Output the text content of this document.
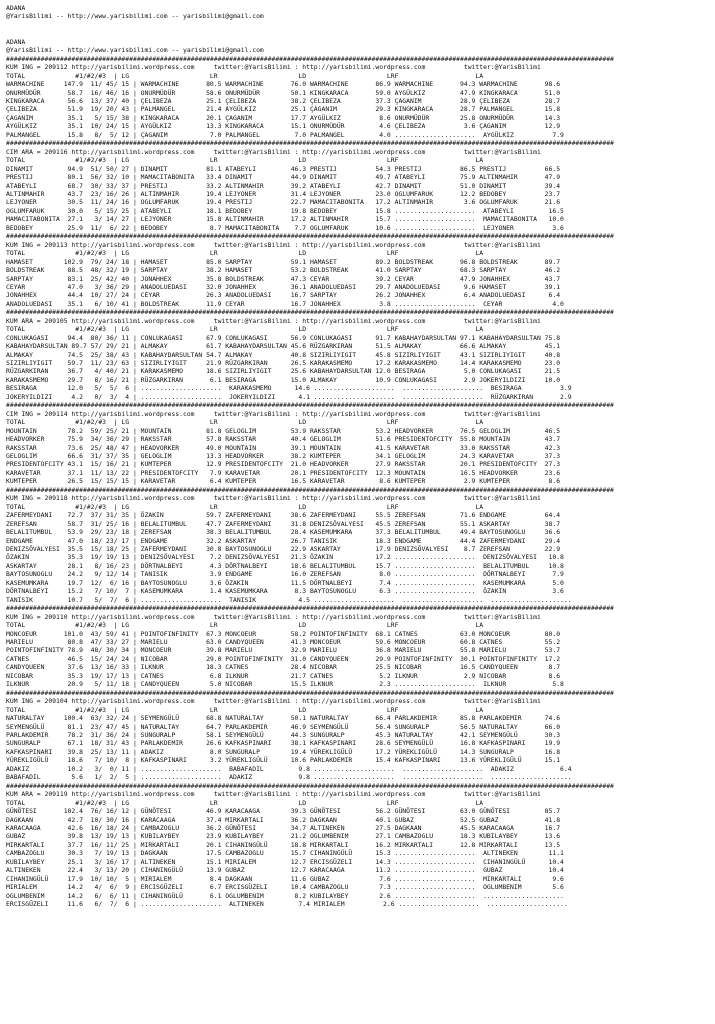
ADANA
@YarisBilimi -- http://www.yarisbilimi.com -- yarisbilimi@gmail.com

ADANA
@YarisBilimi -- http://www.yarisbilimi.com -- yarisbilimi@gmail.com
##############################################################################################################################################################
KUM ING = 209112 http://yarisbilimi.wordpress.com     twitter:@YarisBilimi : http://yarisbilimi.wordpress.com          twitter:@YarisBilimi
TOTAL             #1/#2/#3  | LG                     LR                     LD                     LRF                    LA
WARMACHINE     147.9  11/ 45/ 15 | WARMACHINE       80.5 WARMACHINE       76.0 WARMACHINE       86.9 WARMACHINE       94.3 WARMACHINE       98.6
ONURMÜDÜR       58.7  16/ 46/ 16 | ONURMÜDÜR        58.6 ONURMÜDÜR        50.1 KINGKARACA       59.0 AYGÜLKIZ         47.9 KINGKARACA       51.0
KINGKARACA      56.6  13/ 37/ 40 | ÇELIBEZA         25.1 ÇELIBEZA         38.2 ÇELIBEZA         37.3 ÇAGANIM          28.9 ÇELIBEZA         28.7
ÇELIBEZA        51.9  19/ 20/ 43 | PALMANGEL        21.4 AYGÜLKIZ         25.1 ÇAGANIM          29.3 KINGKARACA       28.7 PALMANGEL        15.8
ÇAGANIM         35.1   5/ 15/ 38 | KINGKARACA       20.1 ÇAGANIM          17.7 AYGÜLKIZ          8.6 ONURMÜDÜR        25.8 ONURMÜDÜR        14.3
AYGÜLKIZ        35.1  10/ 24/ 15 | AYGÜLKIZ         13.3 KINGKARACA       15.1 ONURMÜDÜR         4.6 ÇELIBEZA          3.6 ÇAGANIM          12.9
PALMANGEL       15.8   8/  5/ 12 | ÇAGANIM           7.0 PALMANGEL         7.0 PALMANGEL         4.0 .....................  AYGÜLKIZ          7.9
##############################################################################################################################################################
CIM ARA = 209116 http://yarisbilimi.wordpress.com     twitter:@YarisBilimi : http://yarisbilimi.wordpress.com          twitter:@YarisBilimi
TOTAL             #1/#2/#3  | LG                     LR                     LD                     LRF                    LA
DINAMIT         94.9  51/ 50/ 27 | DINAMIT          81.1 ATABEYLI         46.3 PRESTIJ          54.3 PRESTIJ          86.5 PRESTIJ          66.5
PRESTIJ         80.1  56/ 32/ 10 | MAMACITABONITA   33.4 DINAMIT          44.9 DINAMIT          49.7 ATABEYLI         75.9 ALTINMAHIR       47.9
ATABEYLI        68.7  30/ 33/ 37 | PRESTIJ          33.2 ALTINMAHIR       39.2 ATABEYLI         42.7 DINAMIT          51.0 DINAMIT          39.4
ALTINMAHIR      43.7  23/ 16/ 26 | ALTINMAHIR       19.4 LEJYONER         31.4 LEJYONER         23.0 OGLUMFARUK       12.2 BEDOBEY          23.7
LEJYONER        30.5  11/ 24/ 16 | OGLUMFARUK       19.4 PRESTIJ          22.7 MAMACITABONITA   17.2 ALTINMAHIR        3.6 OGLUMFARUK       21.6
OGLUMFARUK      30.0   5/ 15/ 25 | ATABEYLI         18.1 BEDOBEY          19.8 BEDOBEY          15.8 .....................  ATABEYLI         16.5
MAMACITABONITA  27.1   3/ 14/ 27 | LEJYONER         15.8 ALTINMAHIR       17.2 ALTINMAHIR       15.7 .....................  MAMACITABONITA   10.0
BEDOBEY         25.9  11/  6/ 22 | BEDOBEY           8.7 MAMACITABONITA    7.7 OGLUMFARUK       10.6 .....................  LEJYONER          3.6
##############################################################################################################################################################
KUM ING = 209113 http://yarisbilimi.wordpress.com     twitter:@YarisBilimi : http://yarisbilimi.wordpress.com          twitter:@YarisBilimi
TOTAL             #1/#2/#3  | LG                     LR                     LD                     LRF                    LA
HAMASET        102.9  79/ 24/ 18 | HAMASET          85.0 SARPTAY          59.1 HAMASET          89.2 BOLDSTREAK       96.8 BOLDSTREAK       89.7
BOLDSTREAK      88.5  48/ 32/ 19 | SARPTAY          38.2 HAMASET          53.2 BOLDSTREAK       41.0 SARPTAY          68.3 SARPTAY          46.2
SARPTAY         83.1  25/ 42/ 40 | JONAHHEX         35.8 BOLDSTREAK       47.3 CEYAR            39.2 CEYAR            47.9 JONAHHEX         43.7
CEYAR           47.0   3/ 36/ 29 | ANADOLUEDASI     32.0 JONAHHEX         36.1 ANADOLUEDASI     29.7 ANADOLUEDASI      9.6 HAMASET          39.1
JONAHHEX        44.4  10/ 27/ 24 | CEYAR            26.3 ANADOLUEDASI     16.7 SARPTAY          26.2 JONAHHEX          6.4 ANADOLUEDASI      6.4
ANADOLUEDASI    35.1   6/ 10/ 41 | BOLDSTREAK       11.9 CEYAR            16.7 JONAHHEX          3.8 .....................  CEYAR             4.0
##############################################################################################################################################################
KUM ARA = 209105 http://yarisbilimi.wordpress.com     twitter:@YarisBilimi : http://yarisbilimi.wordpress.com          twitter:@YarisBilimi
TOTAL             #1/#2/#3  | LG                     LR                     LD                     LRF                    LA
CONLUKAGASI     94.4  80/ 36/ 11 | CONLUKAGASI      67.9 CONLUKAGASI      56.9 CONLUKAGASI      91.7 KABAHAYDARSULTAN 97.1 KABAHAYDARSULTAN 75.8
KABAHAYDARSULTAN 89.7 57/ 29/ 21 | ALMAKAY          61.7 KABAHAYDARSULTAN 45.6 RÜZGARKIRAN      51.5 ALMAKAY          66.6 ALMAKAY          45.1
ALMAKAY         74.5  25/ 38/ 43 | KABAHAYDARSULTAN 54.7 ALMAKAY          40.8 SIZIRLIYIGIT     45.8 SIZIRLIYIGIT     43.1 SIZIRLIYIGIT     40.8
SIZIRLIYIGIT    59.7  11/ 23/ 63 | SIZIRLIYIGIT     21.9 RÜZGARKIRAN      26.5 KARAKASMEMO      17.2 KARAKASMEMO      14.4 KARAKASMEMO      23.0
RÜZGARKIRAN     36.7   4/ 40/ 21 | KARAKASMEMO      18.6 SIZIRLIYIGIT     25.6 KABAHAYDARSULTAN 12.0 BESIRAGA          5.0 CONLUKAGASI      21.5
KARAKASMEMO     29.7   8/ 16/ 21 | RÜZGARKIRAN       6.1 BESIRAGA         15.0 ALMAKAY          10.9 CONLUKAGASI       2.9 JOKERYILDIZI     10.0
BESIRAGA        12.0   5/  5/  6 | .....................  KARAKASMEMO      14.6 .....................  .....................  BESIRAGA          3.9
JOKERYILDIZI     4.2   0/  3/  4 | .....................  JOKERYILDIZI      4.1 .....................  .....................  RÜZGARKIRAN       2.9
##############################################################################################################################################################
CIM ING = 209114 http://yarisbilimi.wordpress.com     twitter:@YarisBilimi : http://yarisbilimi.wordpress.com          twitter:@YarisBilimi
TOTAL             #1/#2/#3  | LG                     LR                     LD                     LRF                    LA
MOUNTAIN        78.2  59/ 25/ 21 | MOUNTAIN         81.8 GELOGLIM         53.9 RAKSSTAR         53.2 HEADVORKER       76.5 GELOGLIM         46.5
HEADVORKER      75.9  34/ 36/ 29 | RAKSSTAR         57.8 RAKSSTAR         40.4 GELOGLIM         51.6 PRESIDENTOFCITY  55.8 MOUNTAIN         43.7
RAKSSTAR        73.6  25/ 48/ 47 | HEADVORKER       49.0 MOUNTAIN         39.1 MOUNTAIN         41.5 KARAVETAR        33.0 RAKSSTAR         42.3
GELOGLIM        66.6  31/ 37/ 35 | GELOGLIM         13.3 HEADVORKER       38.2 KUMTEPER         34.1 GELOGLIM         24.3 KARAVETAR        37.3
PRESIDENTOFCITY 43.1  15/ 16/ 21 | KUMTEPER         12.9 PRESIDENTOFCITY  21.0 HEADVORKER       27.9 RAKSSTAR         20.1 PRESIDENTOFCITY  27.3
KARAVETAR       37.1  11/ 13/ 22 | PRESIDENTOFCITY   7.9 KARAVETAR        20.1 PRESIDENTOFCITY  12.3 MOUNTAIN         16.5 HEADVORKER       23.6
KUMTEPER        26.5  15/ 15/ 15 | KARAVETAR         6.4 KUMTEPER         16.5 KARAVETAR         8.6 KUMTEPER          2.9 KUMTEPER          8.6
##############################################################################################################################################################
KUM ING = 209118 http://yarisbilimi.wordpress.com     twitter:@YarisBilimi : http://yarisbilimi.wordpress.com          twitter:@YarisBilimi
TOTAL             #1/#2/#3  | LG                     LR                     LD                     LRF                    LA
ZAFERMEYDANI    72.7  37/ 31/ 35 | ÖZAKIN           59.7 ZAFERMEYDANI     38.6 ZAFERMEYDANI     55.5 ZEREFSAN         71.6 ENDGAME          64.4
ZEREFSAN        58.7  31/ 25/ 16 | BELALITUMBUL     47.7 ZAFERMEYDANI     31.8 DENIZSÖVALYESI   45.5 ZEREFSAN         55.1 ASKARTAY         38.7
BELALITUMBUL    53.9  29/ 23/ 18 | ZEREFSAN         38.3 BELALITUMBUL     28.4 KASEMUMKARA      37.3 BELALITUMBUL     49.4 BAYTOSUNOGLU     36.6
ENDGAME         47.0  18/ 23/ 17 | ENDGAME          32.2 ASKARTAY         26.7 TANISIK          18.3 ENDGAME          44.4 ZAFERMEYDANI     29.4
DENIZSÖVALYESI  35.5  15/ 18/ 25 | ZAFERMEYDANI     30.8 BAYTOSUNOGLU     22.9 ASKARTAY         17.9 DENIZSÖVALYESI    8.7 ZEREFSAN         22.9
ÖZAKIN          35.3  19/ 19/ 13 | DENIZSÖVALYESI    7.2 DENIZSÖVALYESI   21.3 ÖZAKIN           17.2 .....................  DENIZSÖVALYESI   10.8
ASKARTAY        28.1   8/ 16/ 23 | DÖRTNALBEYI       4.3 DÖRTNALBEYI      18.6 BELALITUMBUL     15.7 .....................  BELALITUMBUL     10.8
BAYTOSUNOGLU    24.2   9/ 12/ 14 | TANISIK           3.9 ENDGAME          16.0 ZEREFSAN          8.0 .....................  DÖRTNALBEYI       7.9
KASEMUMKARA     19.7  12/  6/ 16 | BAYTOSUNOGLU      3.6 ÖZAKIN           11.5 DÖRTNALBEYI       7.4 .....................  KASEMUMKARA       5.0
DÖRTNALBEYI     15.2   7/ 10/  7 | KASEMUMKARA       1.4 KASEMUMKARA       8.3 BAYTOSUNOGLU      6.3 .....................  ÖZAKIN            3.6
TANISIK         10.7   5/  7/  6 | .....................  TANISIK           4.5 .....................  .....................  .....................
##############################################################################################################################################################
KUM ING = 209110 http://yarisbilimi.wordpress.com     twitter:@YarisBilimi : http://yarisbilimi.wordpress.com          twitter:@YarisBilimi
TOTAL             #1/#2/#3  | LG                     LR                     LD                     LRF                    LA
MONCOEUR       101.0  43/ 59/ 41 | POINTOFINFINITY  67.3 MONCOEUR         58.2 POINTOFINFINITY  68.1 CATNES           63.0 MONCOEUR         80.0
MARIELU         80.8  47/ 33/ 27 | MARIELU          63.0 CANDYQUEEN       41.3 MONCOEUR         59.6 MONCOEUR         60.8 CATNES           55.2
POINTOFINFINITY 78.9  48/ 30/ 34 | MONCOEUR         39.8 MARIELU          32.9 MARIELU          36.8 MARIELU          55.8 MARIELU          53.7
CATNES          46.5  15/ 24/ 24 | NICOBAR          29.0 POINTOFINFINITY  31.0 CANDYQUEEN       29.9 POINTOFINFINITY  30.1 POINTOFINFINITY  17.2
CANDYQUEEN      37.6  13/ 16/ 33 | ILKNUR           18.3 CATNES           28.4 NICOBAR          25.5 NICOBAR          16.5 CANDYQUEEN        8.7
NICOBAR         35.3  19/ 17/ 13 | CATNES            6.8 ILKNUR           21.7 CATNES            5.2 ILKNUR            2.9 NICOBAR           8.6
ILKNUR          20.9   5/ 11/ 18 | CANDYQUEEN        5.0 NICOBAR          15.5 ILKNUR            2.3 .....................  ILKNUR            5.8
##############################################################################################################################################################
KUM ING = 209104 http://yarisbilimi.wordpress.com     twitter:@YarisBilimi : http://yarisbilimi.wordpress.com          twitter:@YarisBilimi
TOTAL             #1/#2/#3  | LG                     LR                     LD                     LRF                    LA
NATURALTAY     100.4  63/ 32/ 24 | SEYMENGÜLÜ       68.8 NATURALTAY       50.1 NATURALTAY       66.4 PARLAKDEMIR      85.8 PARLAKDEMIR      74.6
SEYMENGÜLÜ      81.1  23/ 47/ 45 | NATURALTAY       64.7 PARLAKDEMIR      46.9 SEYMENGÜLÜ       56.4 SUNGURALP        56.5 NATURALTAY       66.0
PARLAKDEMIR     78.2  31/ 36/ 24 | SUNGURALP        58.1 SEYMENGÜLÜ       44.3 SUNGURALP        45.3 NATURALTAY       42.1 SEYMENGÜLÜ       30.3
SUNGURALP       67.1  18/ 31/ 43 | PARLAKDEMIR      26.6 KAFKASPINARI     38.1 KAFKASPINARI     28.6 SEYMENGÜLÜ       16.8 KAFKASPINARI     19.9
KAFKASPINARI    39.8  25/ 13/ 11 | ADAKIZ            8.0 SUNGURALP        19.4 YÜREKLIGÜLÜ      17.2 YÜREKLIGÜLÜ      14.3 SUNGURALP        16.8
YÜREKLIGÜLÜ     18.6   7/ 10/  8 | KAFKASPINARI      3.2 YÜREKLIGÜLÜ      10.6 PARLAKDEMIR      15.4 KAFKASPINARI     13.6 YÜREKLIGÜLÜ      15.1
ADAKIZ          10.2   3/  0/ 11 | .....................  BABAFADIL         9.8 .....................  .....................  ADAKIZ            6.4
BABAFADIL        5.6   1/  2/  5 | .....................  ADAKIZ            9.8 .....................  .....................  .....................
##############################################################################################################################################################
KUM ARA = 209119 http://yarisbilimi.wordpress.com     twitter:@YarisBilimi : http://yarisbilimi.wordpress.com          twitter:@YarisBilimi
TOTAL             #1/#2/#3  | LG                     LR                     LD                     LRF                    LA
GÜNÖTESI       102.4  76/ 16/ 12 | GÜNÖTESI         46.9 KARACAAGA        39.3 GÜNÖTESI         56.2 GÜNÖTESI         63.0 GÜNÖTESI         85.7
DAGKAAN         42.7  10/ 30/ 16 | KARACAAGA        37.4 MIRKARTALI       36.2 DAGKAAN          40.1 GUBAZ            52.5 GUBAZ            41.8
KARACAAGA       42.6  16/ 18/ 24 | CAMBAZOGLU       36.2 GÜNÖTESI         34.7 ALTINEKEN        27.5 DAGKAAN          45.5 KARACAAGA        16.7
GUBAZ           39.8  13/ 19/ 13 | KUBILAYBEY       23.9 KUBILAYBEY       21.2 OGLUMBENIM       27.1 CAMBAZOGLU       18.3 KUBILAYBEY       13.6
MIRKARTALI      37.7  16/ 11/ 25 | MIRKARTALI       20.1 CIHANINGÜLÜ      18.8 MIRKARTALI       16.2 MIRKARTALI       12.8 MIRKARTALI       13.5
CAMBAZOGLU      30.3   7/ 19/ 13 | DAGKAAN          17.5 CAMBAZOGLU       15.7 CIHANINGÜLÜ      15.3 .....................  ALTINEKEN        11.1
KUBILAYBEY      25.1   3/ 16/ 17 | ALTINEKEN        15.1 MIRIALEM         12.7 ERCISGÜZELI      14.3 .....................  CIHANINGÜLÜ      10.4
ALTINEKEN       22.4   3/ 13/ 20 | CIHANINGÜLÜ      13.9 GUBAZ            12.7 KARACAAGA        11.2 .....................  GUBAZ            10.4
CIHANINGÜLÜ     17.9  10/ 10/  5 | MIRIALEM          8.4 DAGKAAN          11.6 GUBAZ             7.6 .....................  MIRKARTALI        9.6
MIRIALEM        14.2   4/  6/  9 | ERCISGÜZELI       6.7 ERCISGÜZELI      10.4 CAMBAZOGLU        7.3 .....................  OGLUMBENIM        5.6
OGLUMBENIM      14.2   6/  6/ 11 | CIHANINGÜLÜ       6.1 OGLUMBENIM        8.2 KUBILAYBEY        2.6 .....................  .....................
ERCISGÜZELI     11.6   6/  7/  6 | .....................  ALTINEKEN         7.4 MIRIALEM          2.6 .....................  .....................
